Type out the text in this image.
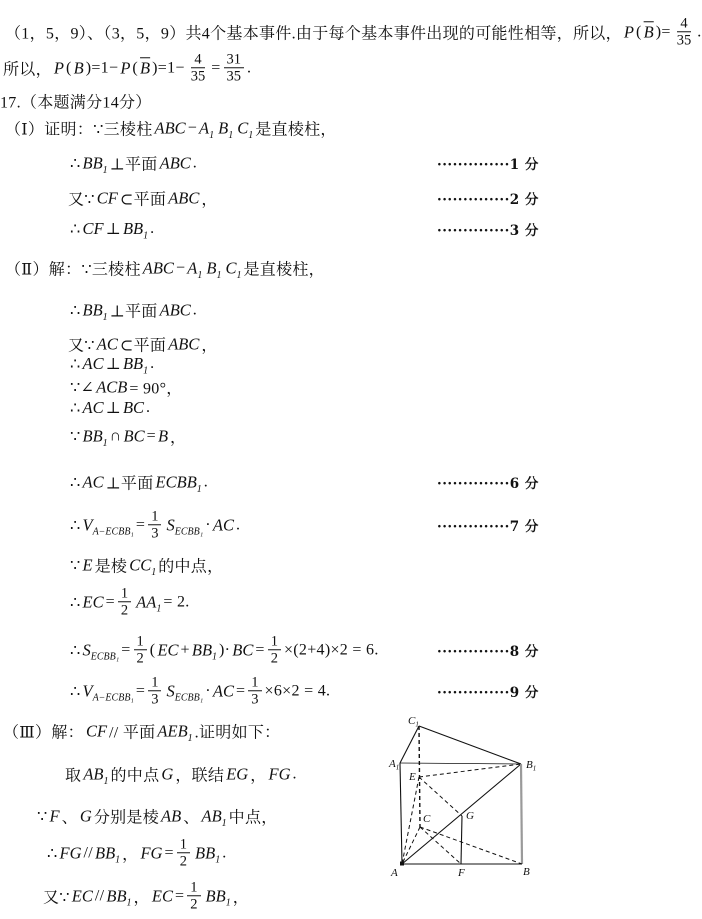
（1，5，9）、（3，5，9）共4个基本事件.由于每个基本事件出现的可能性相等，所以， P ( $\overline{B}$ )= $\frac{4}{35}$ .
所以， P ( B )=1− P ( $\overline{B}$ )$=1- \frac{4}{35} = \frac{31}{35}$ .
17.（本题满分14分）
（Ⅰ）证明：∵三棱柱 ABC − $A_1$ $B_1$ $C_1$ 是直棱柱，
∴ $BB_1$ ⊥平面 ABC .	··············1 分
又∵ CF ⊂平面 ABC ，	··············2 分
∴ CF ⊥ $BB_1$ .	··············3 分
（Ⅱ）解：∵三棱柱 ABC − $A_1$ $B_1$ $C_1$ 是直棱柱，
∴ $BB_1$ ⊥平面 ABC .
又∵ AC ⊂平面 ABC ，
∴ AC ⊥ $BB_1$ .
∵∠ ACB = 90°，
∴ AC ⊥ BC .
∵ $BB_1$ ∩ BC = B ，
∴ AC ⊥平面 $ECBB_1$ .	··············6 分
∴ $V_{A-ECBB_1} = \frac{1}{3} S_{ECBB_1}$ · AC .	··············7 分
∵ E 是棱 $CC_1$ 的中点，
∴ EC = $\frac{1}{2} AA_1 = 2$.
∴ $S_{ECBB_1} = \frac{1}{2}$ ( EC + $BB_1$ )· BC = $\frac{1}{2} \times(2+4)\times 2 = 6$.	··············8 分
∴ $V_{A-ECBB_1} = \frac{1}{3} S_{ECBB_1}$ · AC = $\frac{1}{3} \times 6\times 2 = 4$.	··············9 分
（Ⅲ）解： CF // 平面 $AEB_1$ .证明如下：
取 $AB_1$ 的中点 G ，联结 EG ， FG .
∵ F 、 G 分别是棱 AB 、 $AB_1$ 中点，
∴ FG // $BB_1$ ， FG = $\frac{1}{2} BB_1$ .
又∵ EC // $BB_1$ ， EC = $\frac{1}{2} BB_1$ ，
$C_1$
$A_1$	$B_1$
E
C	G
A	F	B
